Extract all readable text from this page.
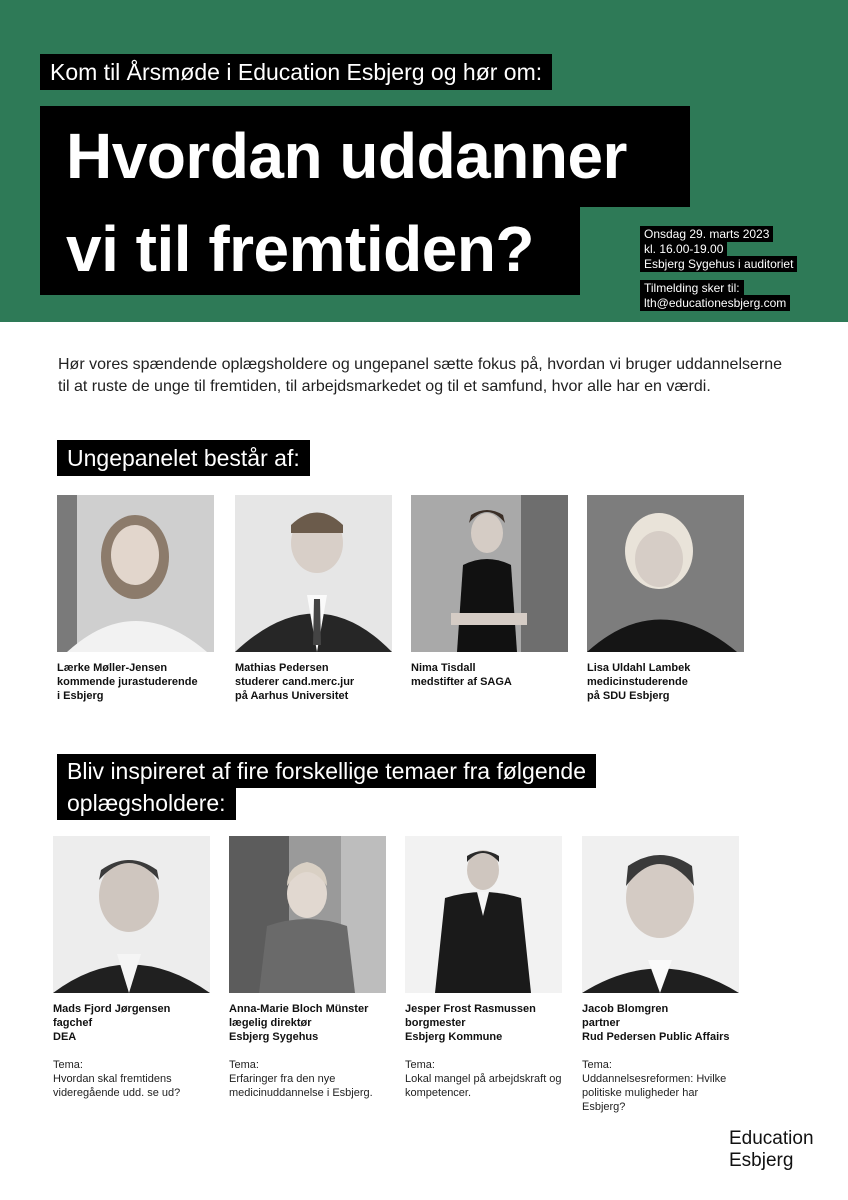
Kom til Årsmøde i Education Esbjerg og hør om:
Hvordan uddanner
vi til fremtiden?	Onsdag 29. marts 2023
kl. 16.00-19.00
Esbjerg Sygehus i auditoriet
Tilmelding sker til:
lth@educationesbjerg.com

Hør vores spændende oplægsholdere og ungepanel sætte fokus på, hvordan vi bruger uddannelserne til at ruste de unge til fremtiden, til arbejdsmarkedet og til et samfund, hvor alle har en værdi.

Ungepanelet består af:
Lærke Møller-Jensen
kommende jurastuderende
i Esbjerg
Mathias Pedersen
studerer cand.merc.jur
på Aarhus Universitet
Nima Tisdall
medstifter af SAGA
Lisa Uldahl Lambek
medicinstuderende
på SDU Esbjerg
Bliv inspireret af fire forskellige temaer fra følgende
oplægsholdere:
Mads Fjord Jørgensen
fagchef
DEA
Tema:
Hvordan skal fremtidens
videregående udd. se ud?
Anna-Marie Bloch Münster
lægelig direktør
Esbjerg Sygehus
Tema:
Erfaringer fra den nye
medicinuddannelse i Esbjerg.
Jesper Frost Rasmussen
borgmester
Esbjerg Kommune
Tema:
Lokal mangel på arbejdskraft og
kompetencer.
Jacob Blomgren
partner
Rud Pedersen Public Affairs
Tema:
Uddannelsesreformen: Hvilke
politiske muligheder har Esbjerg?
Education
Esbjerg
